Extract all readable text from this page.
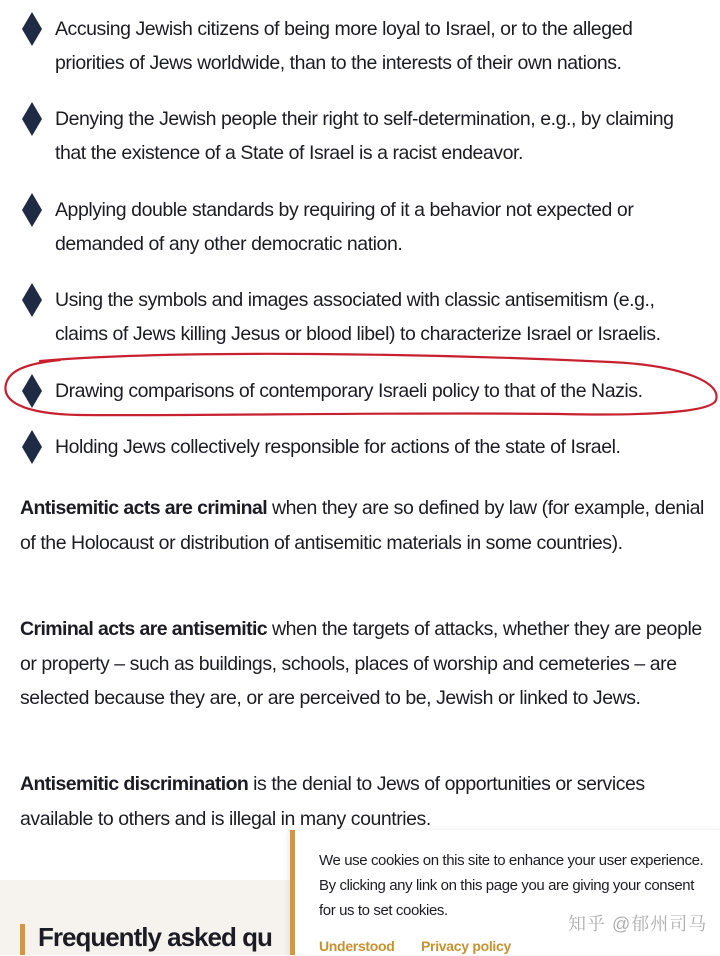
Accusing Jewish citizens of being more loyal to Israel, or to the alleged
priorities of Jews worldwide, than to the interests of their own nations.

Denying the Jewish people their right to self-determination, e.g., by claiming
that the existence of a State of Israel is a racist endeavor.

Applying double standards by requiring of it a behavior not expected or
demanded of any other democratic nation.

Using the symbols and images associated with classic antisemitism (e.g.,
claims of Jews killing Jesus or blood libel) to characterize Israel or Israelis.

Drawing comparisons of contemporary Israeli policy to that of the Nazis.

Holding Jews collectively responsible for actions of the state of Israel.

Antisemitic acts are criminal when they are so defined by law (for example, denial of the Holocaust or distribution of antisemitic materials in some countries).

Criminal acts are antisemitic when the targets of attacks, whether they are people or property – such as buildings, schools, places of worship and cemeteries – are selected because they are, or are perceived to be, Jewish or linked to Jews.

Antisemitic discrimination is the denial to Jews of opportunities or services available to others and is illegal in many countries.

Frequently asked qu

We use cookies on this site to enhance your user experience. By clicking any link on this page you are giving your consent for us to set cookies.

Understood Privacy policy
知乎 @郁州司马
